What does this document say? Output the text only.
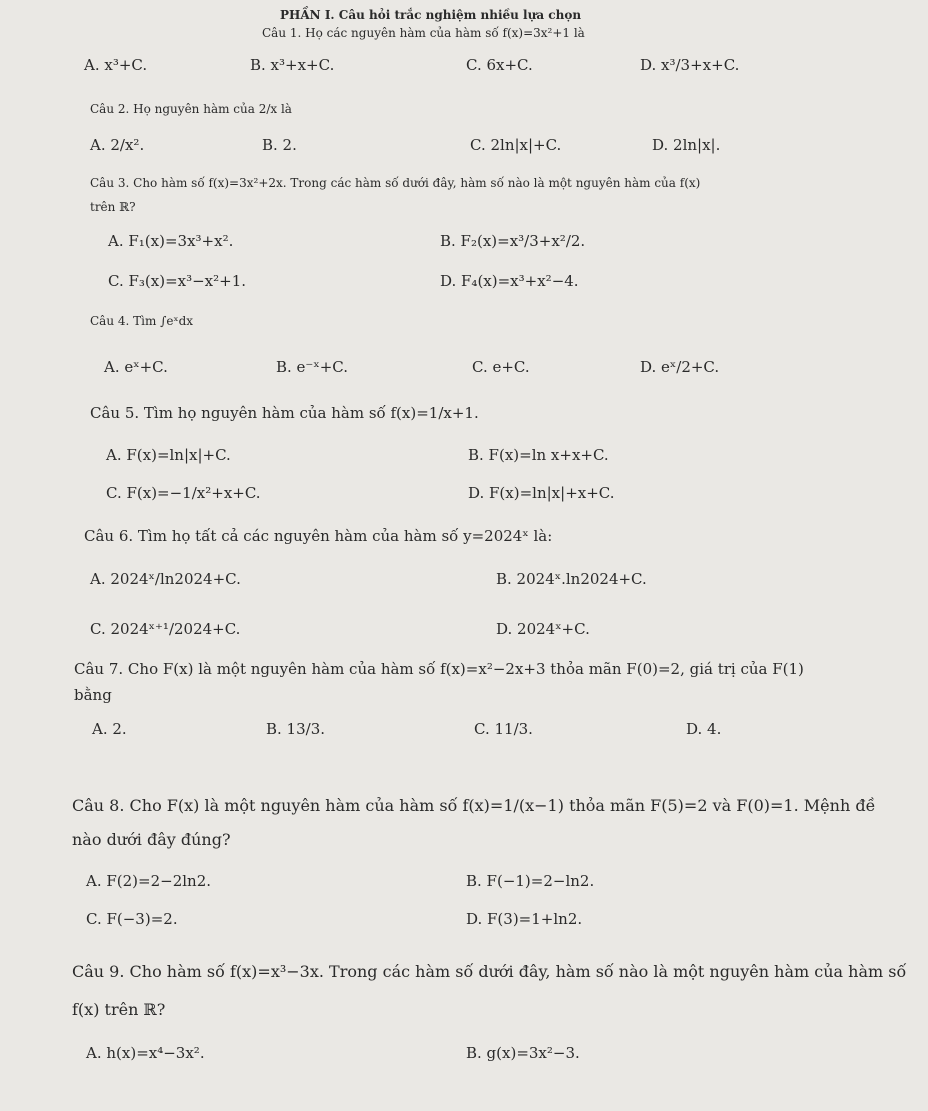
PHẦN I. Câu hỏi trắc nghiệm nhiều lựa chọn
Câu 1. Họ các nguyên hàm của hàm số f(x)=3x²+1 là
A. x³+C.	B. x³+x+C.	C. 6x+C.	D. x³/3+x+C.
Câu 2. Họ nguyên hàm của 2/x là
A. 2/x².	B. 2.	C. 2ln|x|+C.	D. 2ln|x|.
Câu 3. Cho hàm số f(x)=3x²+2x. Trong các hàm số dưới đây, hàm số nào là một nguyên hàm của f(x)
trên ℝ?
A. F₁(x)=3x³+x².	B. F₂(x)=x³/3+x²/2.
C. F₃(x)=x³−x²+1.	D. F₄(x)=x³+x²−4.
Câu 4. Tìm ∫eˣdx
A. eˣ+C.	B. e⁻ˣ+C.	C. e+C.	D. eˣ/2+C.
Câu 5. Tìm họ nguyên hàm của hàm số f(x)=1/x+1.
A. F(x)=ln|x|+C.	B. F(x)=ln x+x+C.
C. F(x)=−1/x²+x+C.	D. F(x)=ln|x|+x+C.
Câu 6. Tìm họ tất cả các nguyên hàm của hàm số y=2024ˣ là:
A. 2024ˣ/ln2024+C.	B. 2024ˣ.ln2024+C.
C. 2024ˣ⁺¹/2024+C.	D. 2024ˣ+C.
Câu 7. Cho F(x) là một nguyên hàm của hàm số f(x)=x²−2x+3 thỏa mãn F(0)=2, giá trị của F(1)
bằng
A. 2.	B. 13/3.	C. 11/3.	D. 4.
Câu 8. Cho F(x) là một nguyên hàm của hàm số f(x)=1/(x−1) thỏa mãn F(5)=2 và F(0)=1. Mệnh đề
nào dưới đây đúng?
A. F(2)=2−2ln2.	B. F(−1)=2−ln2.
C. F(−3)=2.	D. F(3)=1+ln2.
Câu 9. Cho hàm số f(x)=x³−3x. Trong các hàm số dưới đây, hàm số nào là một nguyên hàm của hàm số
f(x) trên ℝ?
A. h(x)=x⁴−3x².	B. g(x)=3x²−3.
